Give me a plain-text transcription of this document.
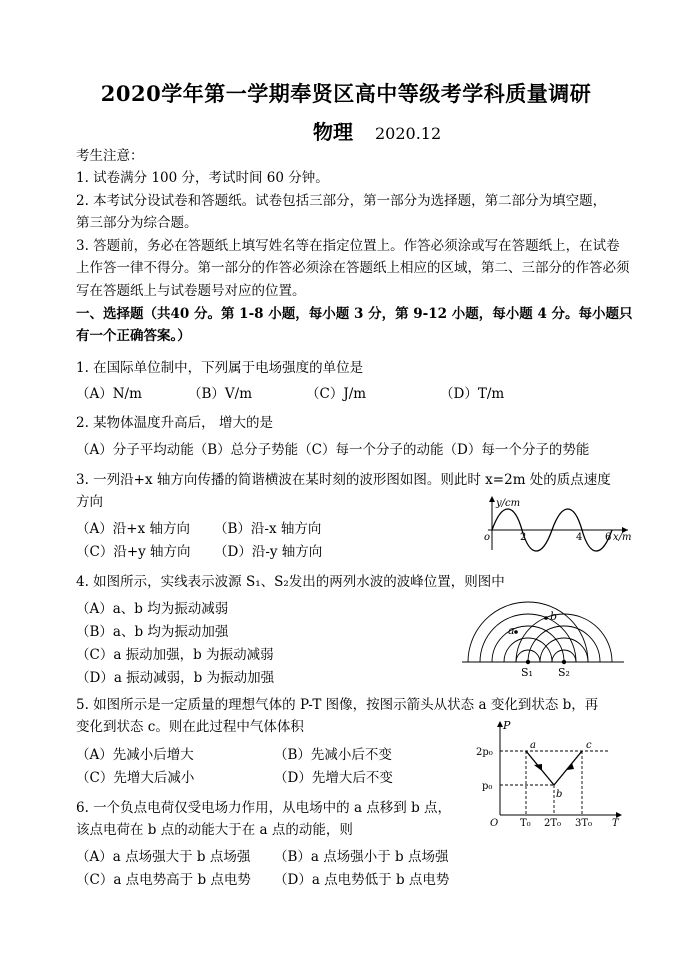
2020学年第一学期奉贤区高中等级考学科质量调研
物理 2020.12
考生注意：
1. 试卷满分 100 分，考试时间 60 分钟。
2. 本考试分设试卷和答题纸。试卷包括三部分，第一部分为选择题，第二部分为填空题，
第三部分为综合题。
3. 答题前，务必在答题纸上填写姓名等在指定位置上。作答必须涂或写在答题纸上，在试卷
上作答一律不得分。第一部分的作答必须涂在答题纸上相应的区域，第二、三部分的作答必须
写在答题纸上与试卷题号对应的位置。
一、选择题（共40 分。第 1-8 小题，每小题 3 分，第 9-12 小题，每小题 4 分。每小题只
有一个正确答案。）
1. 在国际单位制中，下列属于电场强度的单位是
（A）N/m	（B）V/m	（C）J/m	（D）T/m
2. 某物体温度升高后， 增大的是
（A）分子平均动能（B）总分子势能（C）每一个分子的动能（D）每一个分子的势能
3. 一列沿+x 轴方向传播的简谐横波在某时刻的波形图如图。则此时 x=2m 处的质点速度
方向
（A）沿+x 轴方向 （B）沿-x 轴方向
（C）沿+y 轴方向 （D）沿-y 轴方向
y/cm
o	2	4 6 x/m
4. 如图所示，实线表示波源 S₁、S₂发出的两列水波的波峰位置，则图中
（A）a、b 均为振动减弱
（B）a、b 均为振动加强
（C）a 振动加强，b 为振动减弱
（D）a 振动减弱，b 为振动加强
a
b
S₁ S₂
5. 如图所示是一定质量的理想气体的 P-T 图像，按图示箭头从状态 a 变化到状态 b，再
变化到状态 c。则在此过程中气体体积
（A）先减小后增大	（B）先减小后不变
（C）先增大后减小	（D）先增大后不变
P
2p₀
p₀
O T₀ 2T₀ 3T₀ T
a
b
c
6. 一个负点电荷仅受电场力作用，从电场中的 a 点移到 b 点，
该点电荷在 b 点的动能大于在 a 点的动能，则
（A）a 点场强大于 b 点场强 （B）a 点场强小于 b 点场强
（C）a 点电势高于 b 点电势 （D）a 点电势低于 b 点电势
